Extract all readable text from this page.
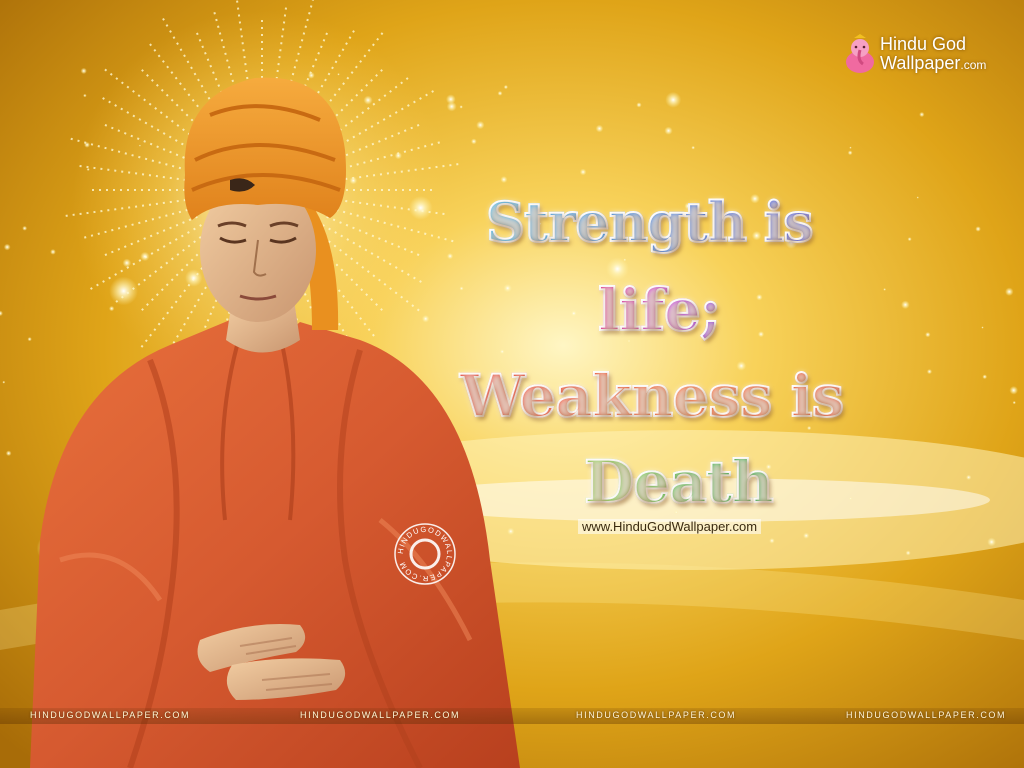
Hindu God
Wallpaper.com
Strength is
life;
Weakness is
Death
www.HinduGodWallpaper.com
HINDUGODWALLPAPER.COM
HINDUGODWALLPAPER.COM	HINDUGODWALLPAPER.COM	HINDUGODWALLPAPER.COM	HINDUGODWALLPAPER.COM
